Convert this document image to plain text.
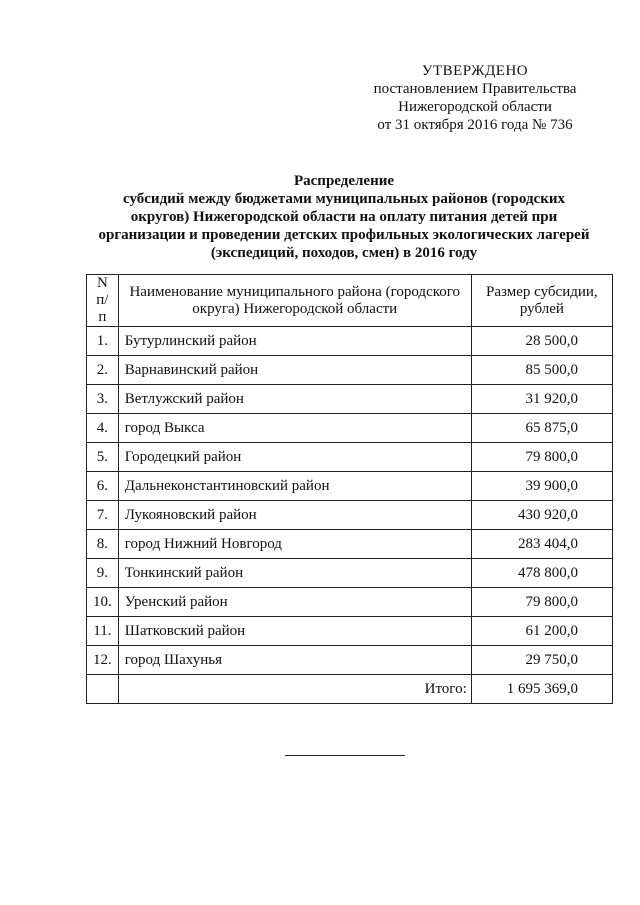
УТВЕРЖДЕНО
постановлением Правительства
Нижегородской области
от 31 октября 2016 года № 736
Распределение
субсидий между бюджетами муниципальных районов (городских
округов) Нижегородской области на оплату питания детей при
организации и проведении детских профильных экологических лагерей
(экспедиций, походов, смен) в 2016 году
N п/п	Наименование муниципального района (городского округа) Нижегородской области	Размер субсидии, рублей
1.	Бутурлинский район	28 500,0
2.	Варнавинский район	85 500,0
3.	Ветлужский район	31 920,0
4.	город Выкса	65 875,0
5.	Городецкий район	79 800,0
6.	Дальнеконстантиновский район	39 900,0
7.	Лукояновский район	430 920,0
8.	город Нижний Новгород	283 404,0
9.	Тонкинский район	478 800,0
10.	Уренский район	79 800,0
11.	Шатковский район	61 200,0
12.	город Шахунья	29 750,0
	Итого:	1 695 369,0
